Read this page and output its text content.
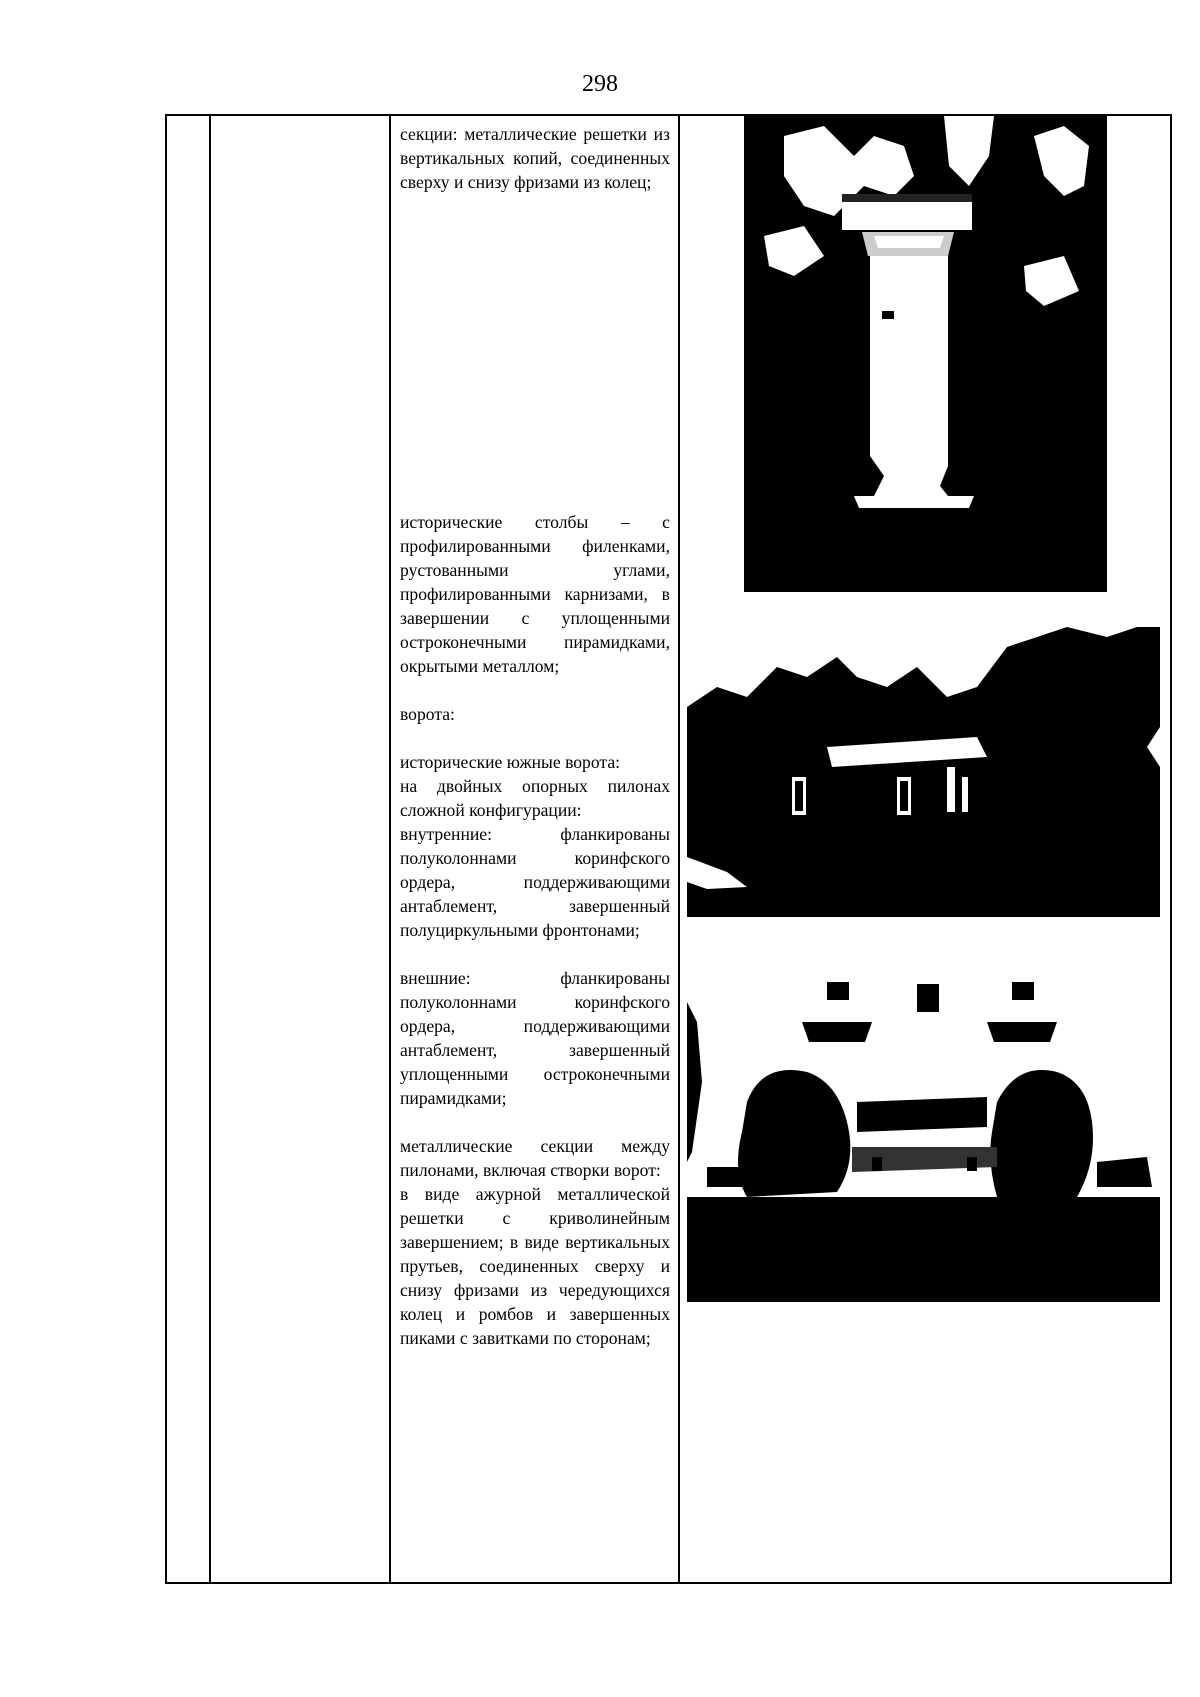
298

секции: металлические решетки из вертикальных копий, соединенных сверху и снизу фризами из колец;

исторические столбы – с профилированными филенками, рустованными углами, профилированными карнизами, в завершении с уплощенными остроконечными пирамидками, окрытыми металлом;

ворота:

исторические южные ворота:

на двойных опорных пилонах сложной конфигурации:

внутренние: фланкированы полуколоннами коринфского ордера, поддерживающими антаблемент, завершенный полуциркульными фронтонами;

внешние: фланкированы полуколоннами коринфского ордера, поддерживающими антаблемент, завершенный уплощенными остроконечными пирамидками;

металлические секции между пилонами, включая створки ворот:

в виде ажурной металлической решетки с криволинейным завершением; в виде вертикальных прутьев, соединенных сверху и снизу фризами из чередующихся колец и ромбов и завершенных пиками с завитками по сторонам;
